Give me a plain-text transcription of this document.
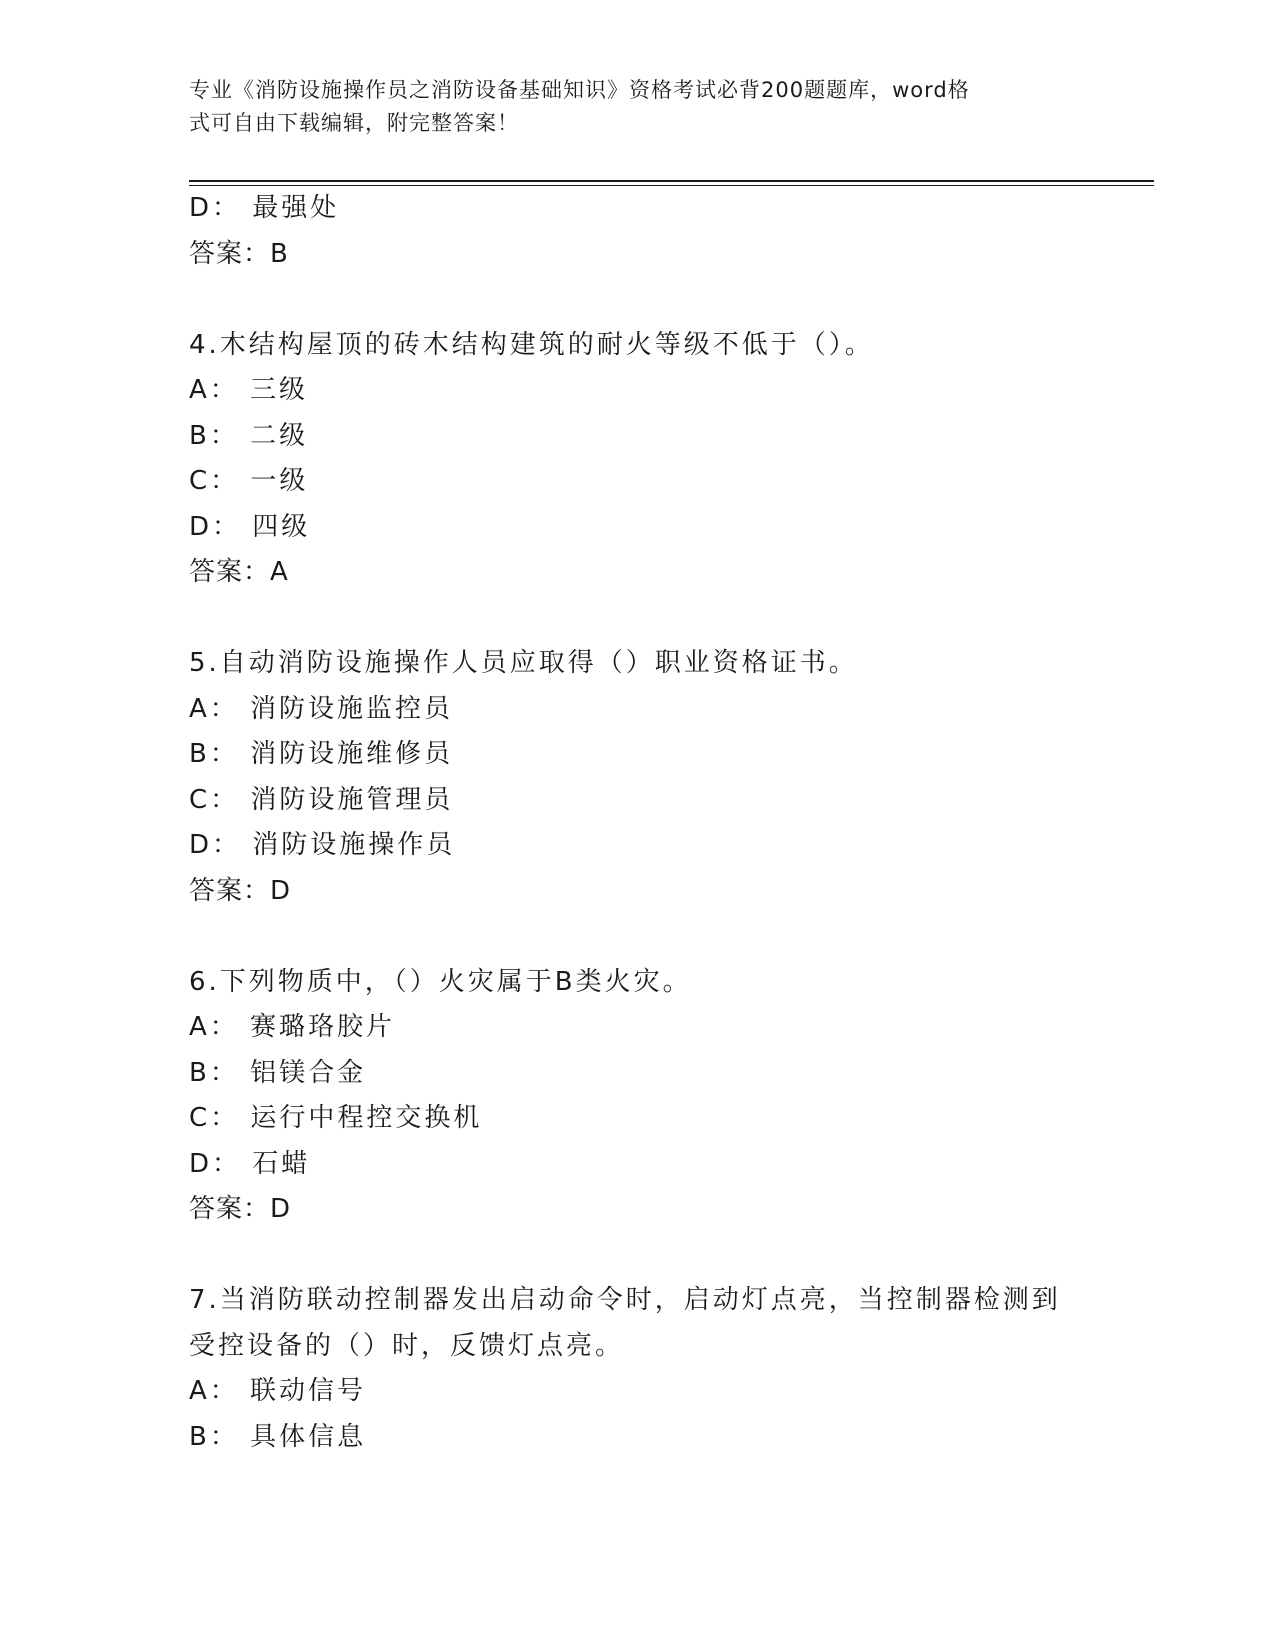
专业《消防设施操作员之消防设备基础知识》资格考试必背200题题库，word格
式可自由下载编辑，附完整答案！
D： 最强处
答案：B
4.木结构屋顶的砖木结构建筑的耐火等级不低于（）。
A： 三级
B： 二级
C： 一级
D： 四级
答案：A
5.自动消防设施操作人员应取得（）职业资格证书。
A： 消防设施监控员
B： 消防设施维修员
C： 消防设施管理员
D： 消防设施操作员
答案：D
6.下列物质中，（）火灾属于B类火灾。
A： 赛璐珞胶片
B： 铝镁合金
C： 运行中程控交换机
D： 石蜡
答案：D
7.当消防联动控制器发出启动命令时，启动灯点亮，当控制器检测到
受控设备的（）时，反馈灯点亮。
A： 联动信号
B： 具体信息
